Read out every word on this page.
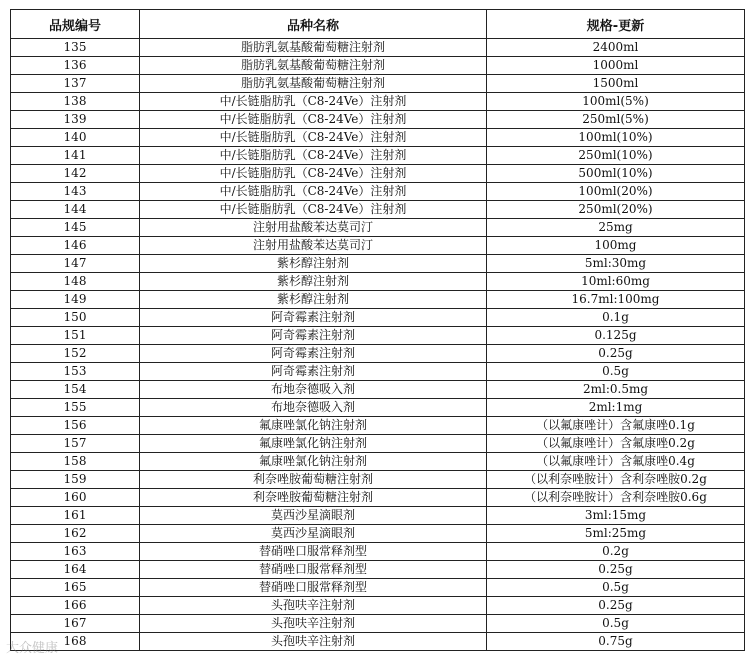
品规编号	品种名称	规格-更新
135	脂肪乳氨基酸葡萄糖注射剂	2400ml
136	脂肪乳氨基酸葡萄糖注射剂	1000ml
137	脂肪乳氨基酸葡萄糖注射剂	1500ml
138	中/长链脂肪乳（C8-24Ve）注射剂	100ml(5%)
139	中/长链脂肪乳（C8-24Ve）注射剂	250ml(5%)
140	中/长链脂肪乳（C8-24Ve）注射剂	100ml(10%)
141	中/长链脂肪乳（C8-24Ve）注射剂	250ml(10%)
142	中/长链脂肪乳（C8-24Ve）注射剂	500ml(10%)
143	中/长链脂肪乳（C8-24Ve）注射剂	100ml(20%)
144	中/长链脂肪乳（C8-24Ve）注射剂	250ml(20%)
145	注射用盐酸苯达莫司汀	25mg
146	注射用盐酸苯达莫司汀	100mg
147	紫杉醇注射剂	5ml:30mg
148	紫杉醇注射剂	10ml:60mg
149	紫杉醇注射剂	16.7ml:100mg
150	阿奇霉素注射剂	0.1g
151	阿奇霉素注射剂	0.125g
152	阿奇霉素注射剂	0.25g
153	阿奇霉素注射剂	0.5g
154	布地奈德吸入剂	2ml:0.5mg
155	布地奈德吸入剂	2ml:1mg
156	氟康唑氯化钠注射剂	（以氟康唑计）含氟康唑0.1g
157	氟康唑氯化钠注射剂	（以氟康唑计）含氟康唑0.2g
158	氟康唑氯化钠注射剂	（以氟康唑计）含氟康唑0.4g
159	利奈唑胺葡萄糖注射剂	（以利奈唑胺计）含利奈唑胺0.2g
160	利奈唑胺葡萄糖注射剂	（以利奈唑胺计）含利奈唑胺0.6g
161	莫西沙星滴眼剂	3ml:15mg
162	莫西沙星滴眼剂	5ml:25mg
163	替硝唑口服常释剂型	0.2g
164	替硝唑口服常释剂型	0.25g
165	替硝唑口服常释剂型	0.5g
166	头孢呋辛注射剂	0.25g
167	头孢呋辛注射剂	0.5g
168	头孢呋辛注射剂	0.75g
大众健康
